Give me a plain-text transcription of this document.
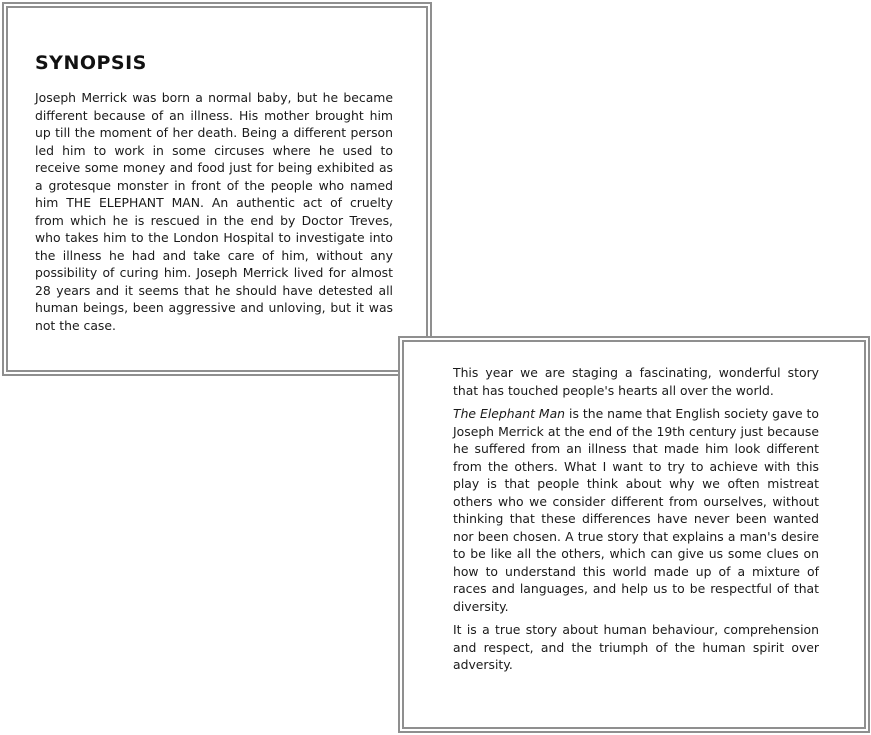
SYNOPSIS

Joseph Merrick was born a normal baby, but he became different because of an illness. His mother brought him up till the moment of her death. Being a different person led him to work in some circuses where he used to receive some money and food just for being exhibited as a grotesque monster in front of the people who named him THE ELEPHANT MAN. An authentic act of cruelty from which he is rescued in the end by Doctor Treves, who takes him to the London Hospital to investigate into the illness he had and take care of him, without any possibility of curing him. Joseph Merrick lived for almost 28 years and it seems that he should have detested all human beings, been aggressive and unloving, but it was not the case.

This year we are staging a fascinating, wonderful story that has touched people's hearts all over the world.

The Elephant Man is the name that English society gave to Joseph Merrick at the end of the 19th century just because he suffered from an illness that made him look different from the others. What I want to try to achieve with this play is that people think about why we often mistreat others who we consider different from ourselves, without thinking that these differences have never been wanted nor been chosen. A true story that explains a man's desire to be like all the others, which can give us some clues on how to understand this world made up of a mixture of races and languages, and help us to be respectful of that diversity.

It is a true story about human behaviour, comprehension and respect, and the triumph of the human spirit over adversity.
